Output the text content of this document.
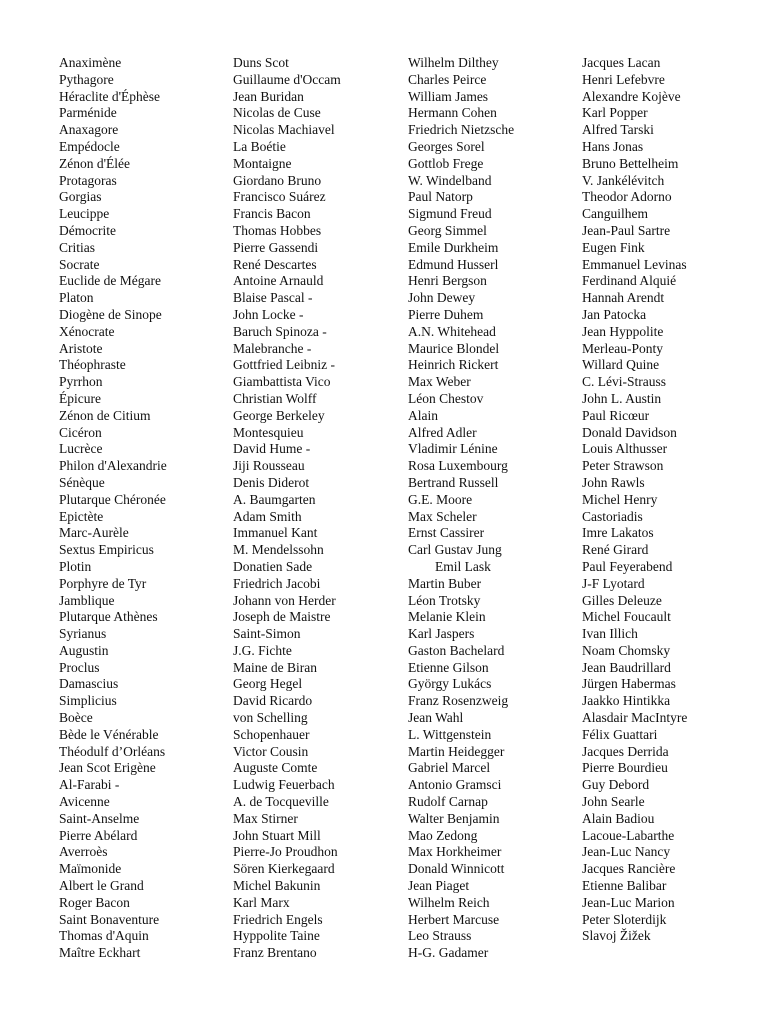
Anaximène
Pythagore
Héraclite d'Éphèse
Parménide
Anaxagore
Empédocle
Zénon d'Élée
Protagoras
Gorgias
Leucippe
Démocrite
Critias
Socrate
Euclide de Mégare
Platon
Diogène de Sinope
Xénocrate
Aristote
Théophraste
Pyrrhon
Épicure
Zénon de Citium
Cicéron
Lucrèce
Philon d'Alexandrie
Sénèque
Plutarque Chéronée
Epictète
Marc-Aurèle
Sextus Empiricus
Plotin
Porphyre de Tyr
Jamblique
Plutarque Athènes
Syrianus
Augustin
Proclus
Damascius
Simplicius
Boèce
Bède le Vénérable
Théodulf d’Orléans
Jean Scot Erigène
Al-Farabi -
Avicenne
Saint-Anselme
Pierre Abélard
Averroès
Maïmonide
Albert le Grand
Roger Bacon
Saint Bonaventure
Thomas d'Aquin
Maître Eckhart
Duns Scot
Guillaume d'Occam
Jean Buridan
Nicolas de Cuse
Nicolas Machiavel
La Boétie
Montaigne
Giordano Bruno
Francisco Suárez
Francis Bacon
Thomas Hobbes
Pierre Gassendi
René Descartes
Antoine Arnauld
Blaise Pascal -
John Locke -
Baruch Spinoza -
Malebranche -
Gottfried Leibniz -
Giambattista Vico
Christian Wolff
George Berkeley
Montesquieu
David Hume -
Jiji Rousseau
Denis Diderot
A. Baumgarten
Adam Smith
Immanuel Kant
M. Mendelssohn
Donatien Sade
Friedrich Jacobi
Johann von Herder
Joseph de Maistre
Saint-Simon
J.G. Fichte
Maine de Biran
Georg Hegel
David Ricardo
von Schelling
Schopenhauer
Victor Cousin
Auguste Comte
Ludwig Feuerbach
A. de Tocqueville
Max Stirner
John Stuart Mill
Pierre-Jo Proudhon
Sören Kierkegaard
Michel Bakunin
Karl Marx
Friedrich Engels
Hyppolite Taine
Franz Brentano
Wilhelm Dilthey
Charles Peirce
William James
Hermann Cohen
Friedrich Nietzsche
Georges Sorel
Gottlob Frege
W. Windelband
Paul Natorp
Sigmund Freud
Georg Simmel
Emile Durkheim
Edmund Husserl
Henri Bergson
John Dewey
Pierre Duhem
A.N. Whitehead
Maurice Blondel
Heinrich Rickert
Max Weber
Léon Chestov
Alain
Alfred Adler
Vladimir Lénine
Rosa Luxembourg
Bertrand Russell
G.E. Moore
Max Scheler
Ernst Cassirer
Carl Gustav Jung
Emil Lask
Martin Buber
Léon Trotsky
Melanie Klein
Karl Jaspers
Gaston Bachelard
Etienne Gilson
György Lukács
Franz Rosenzweig
Jean Wahl
L. Wittgenstein
Martin Heidegger
Gabriel Marcel
Antonio Gramsci
Rudolf Carnap
Walter Benjamin
Mao Zedong
Max Horkheimer
Donald Winnicott
Jean Piaget
Wilhelm Reich
Herbert Marcuse
Leo Strauss
H-G. Gadamer
Jacques Lacan
Henri Lefebvre
Alexandre Kojève
Karl Popper
Alfred Tarski
Hans Jonas
Bruno Bettelheim
V. Jankélévitch
Theodor Adorno
Canguilhem
Jean-Paul Sartre
Eugen Fink
Emmanuel Levinas
Ferdinand Alquié
Hannah Arendt
Jan Patocka
Jean Hyppolite
Merleau-Ponty
Willard Quine
C. Lévi-Strauss
John L. Austin
Paul Ricœur
Donald Davidson
Louis Althusser
Peter Strawson
John Rawls
Michel Henry
Castoriadis
Imre Lakatos
René Girard
Paul Feyerabend
J-F Lyotard
Gilles Deleuze
Michel Foucault
Ivan Illich
Noam Chomsky
Jean Baudrillard
Jürgen Habermas
Jaakko Hintikka
Alasdair MacIntyre
Félix Guattari
Jacques Derrida
Pierre Bourdieu
Guy Debord
John Searle
Alain Badiou
Lacoue-Labarthe
Jean-Luc Nancy
Jacques Rancière
Etienne Balibar
Jean-Luc Marion
Peter Sloterdijk
Slavoj Žižek
